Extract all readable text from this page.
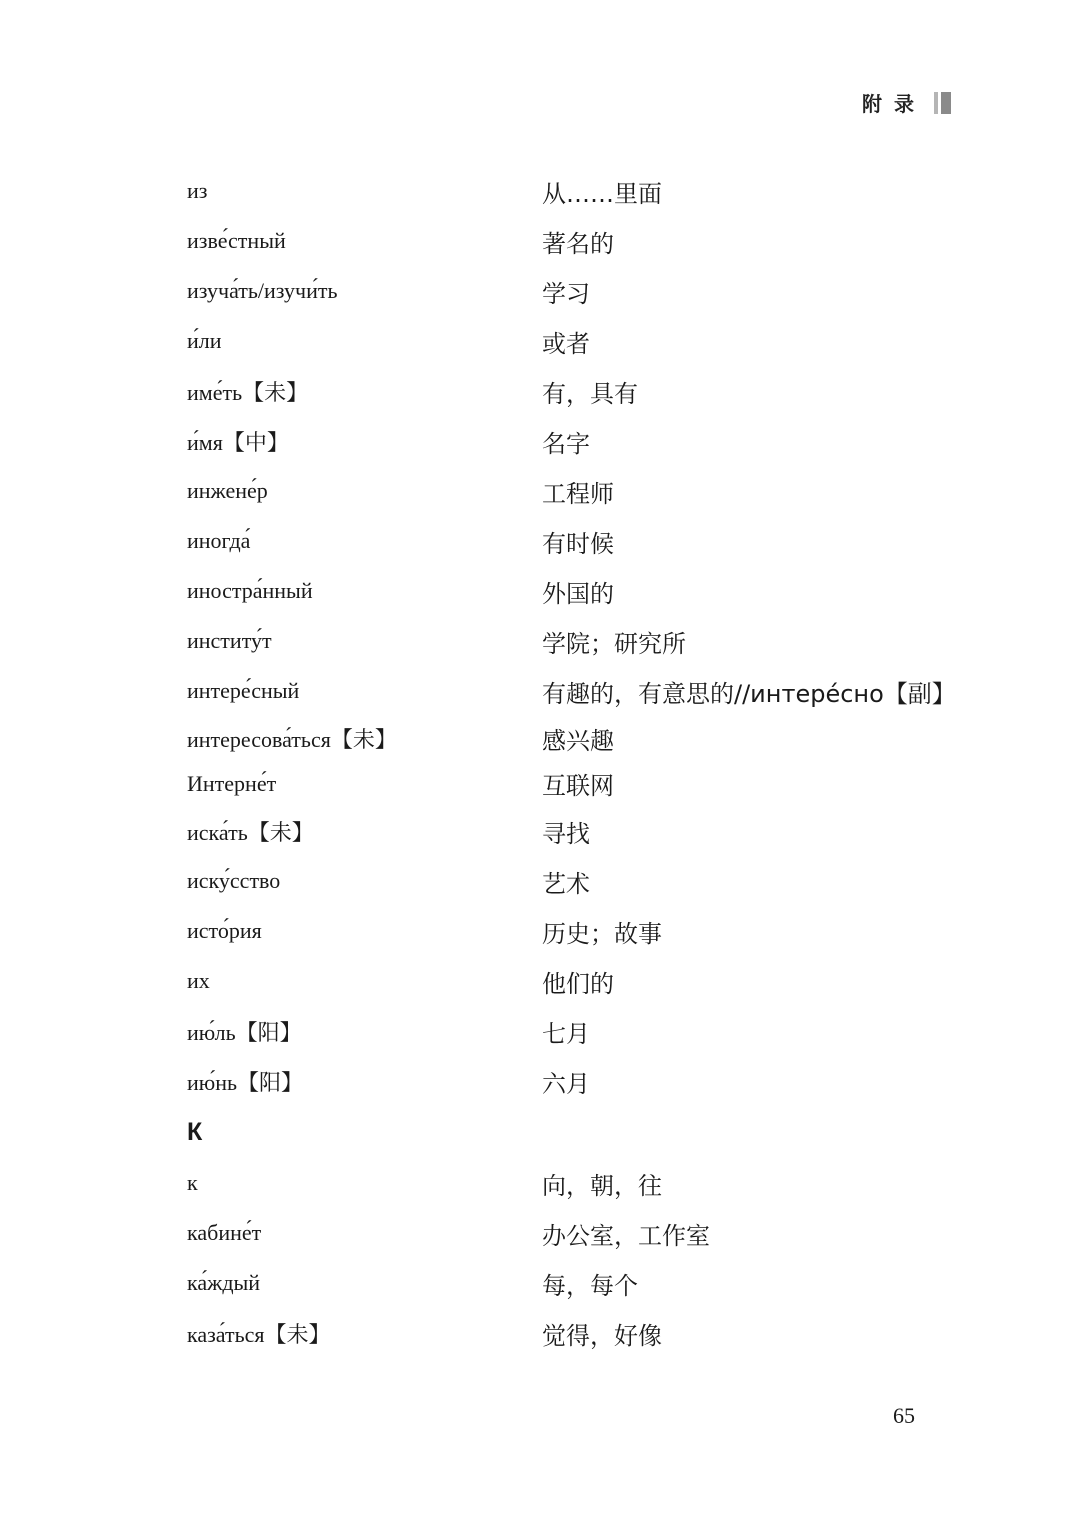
附录
из	从……里面
изве́стный	著名的
изуча́ть/изучи́ть	学习
и́ли	或者
име́ть【未】	有，具有
и́мя【中】	名字
инжене́р	工程师
иногда́	有时候
иностра́нный	外国的
институ́т	学院；研究所
интере́сный	有趣的，有意思的//интере́сно【副】
интересова́ться【未】	感兴趣
Интерне́т	互联网
иска́ть【未】	寻找
иску́сство	艺术
исто́рия	历史；故事
их	他们的
ию́ль【阳】	七月
ию́нь【阳】	六月
К
к	向，朝，往
кабине́т	办公室，工作室
ка́ждый	每，每个
каза́ться【未】	觉得，好像
65
